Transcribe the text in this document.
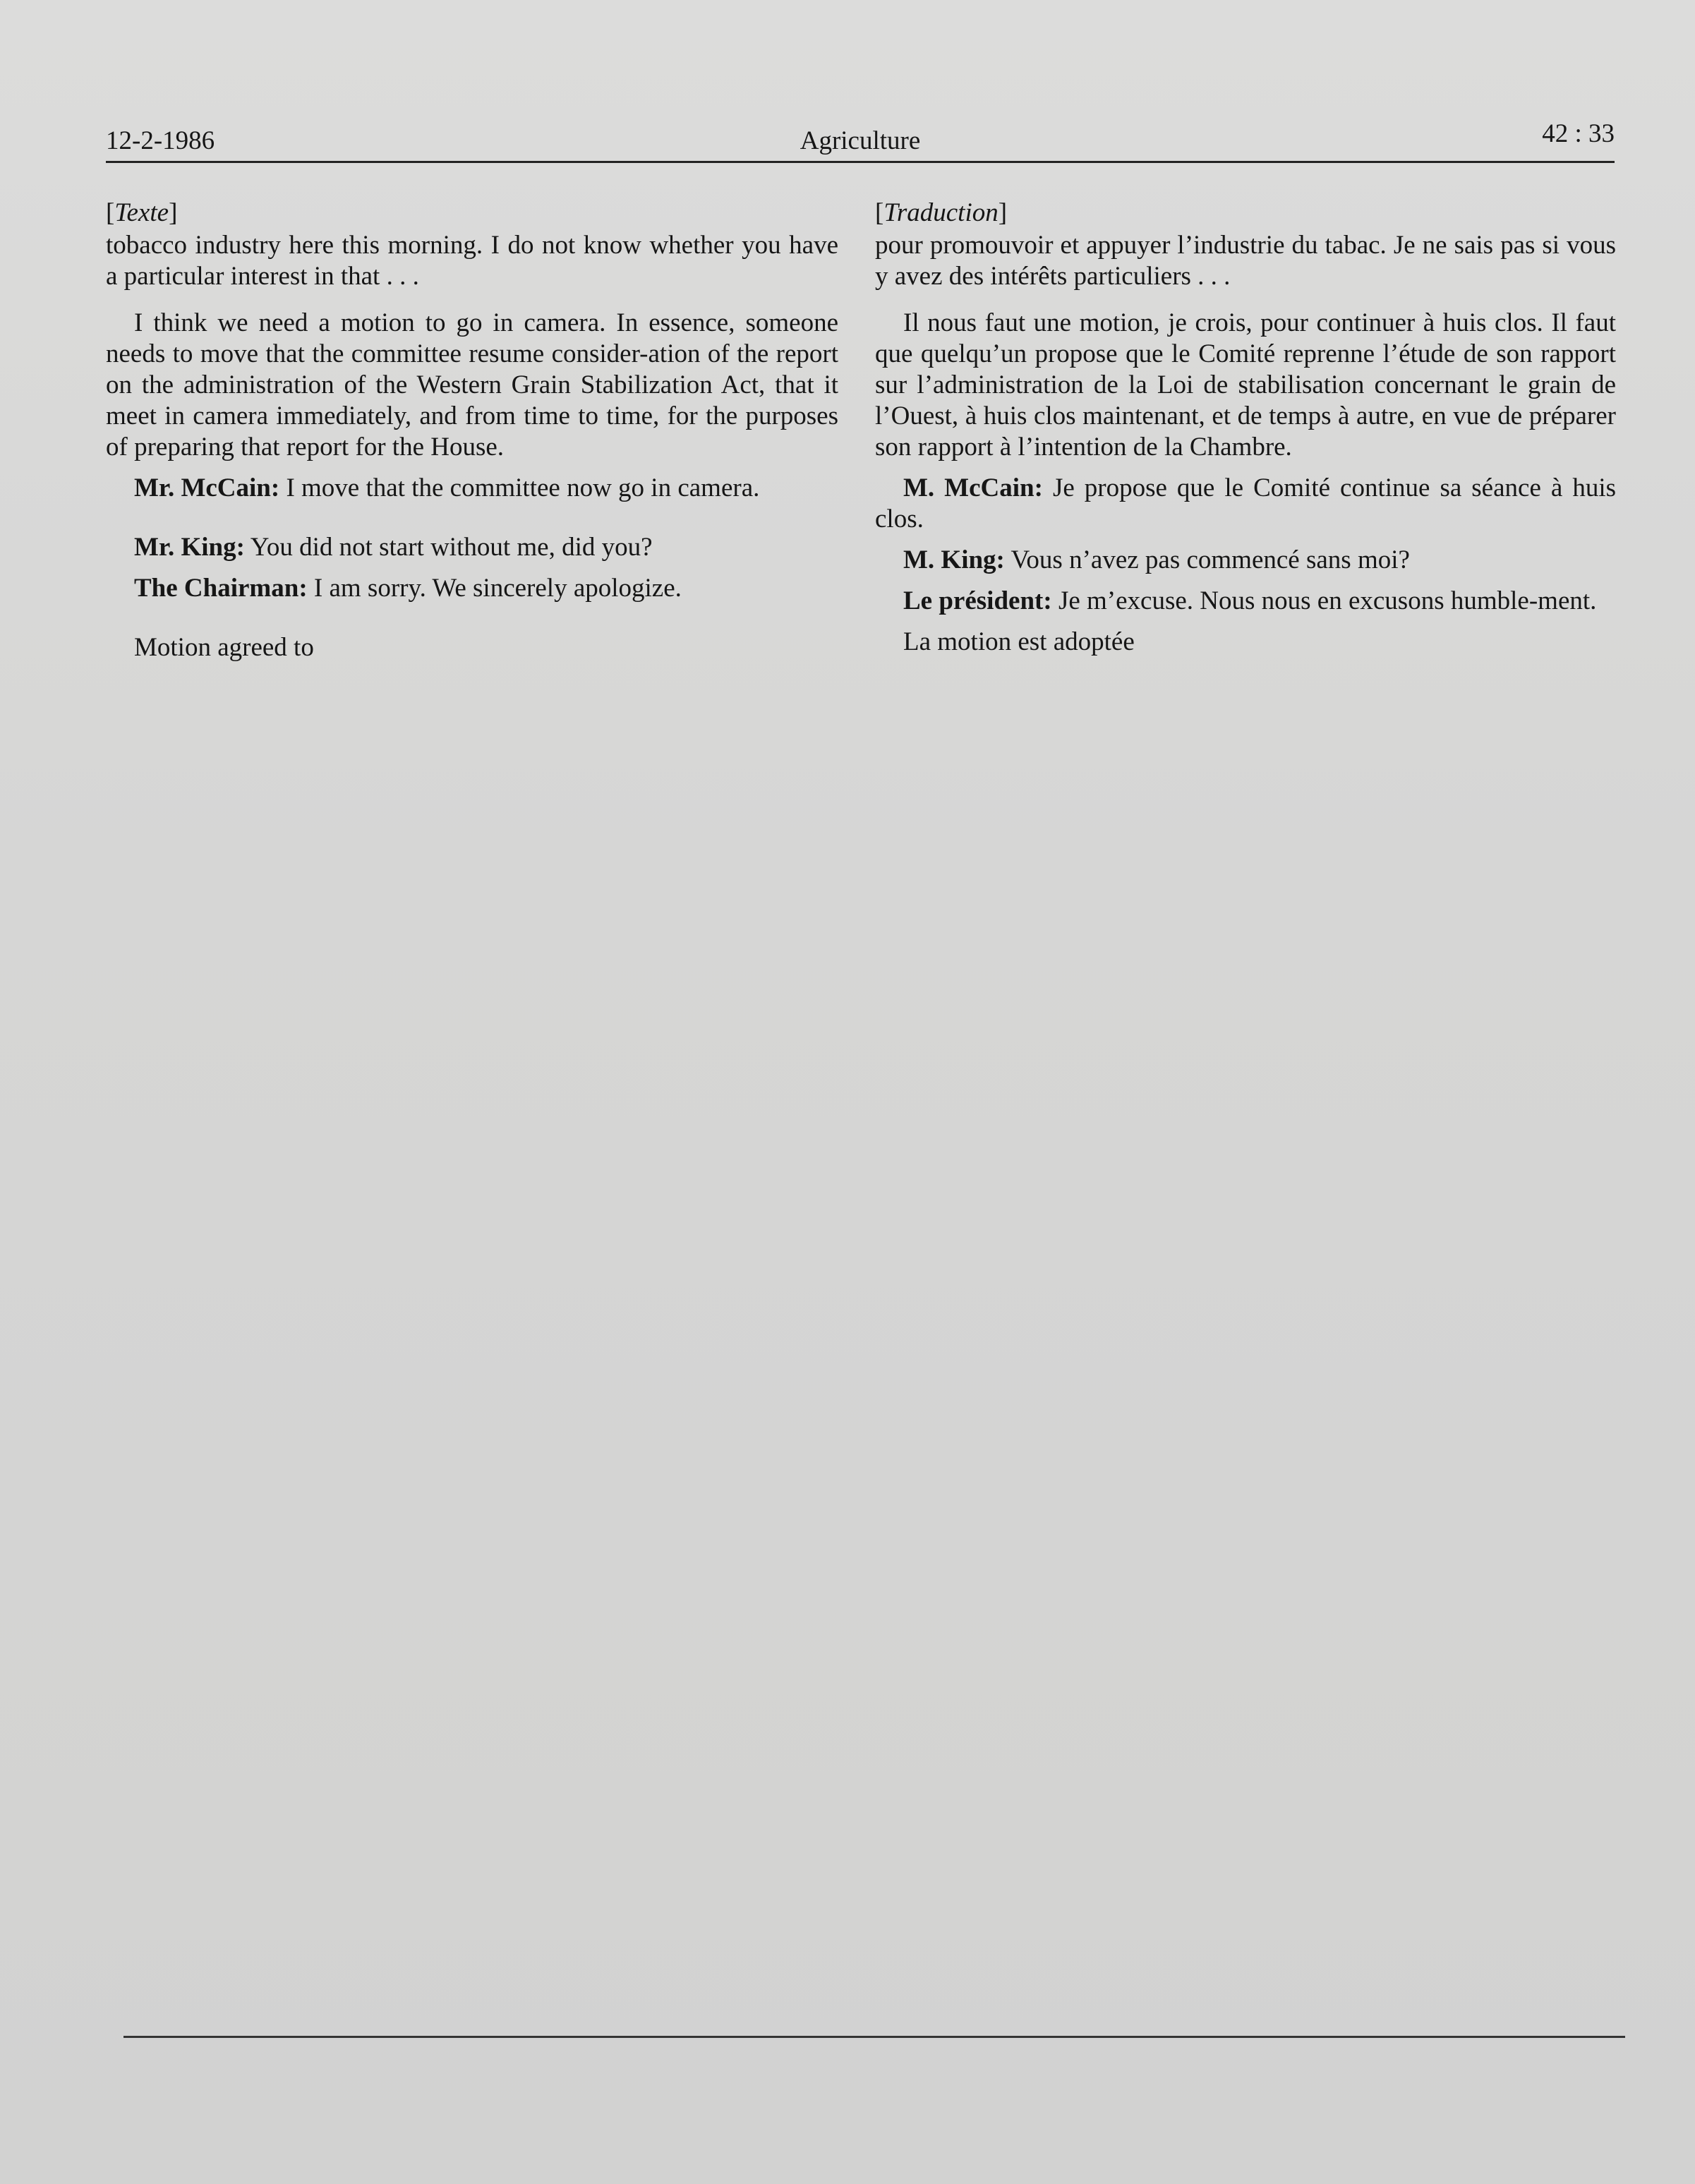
12-2-1986	Agriculture	42 : 33
[Texte]

tobacco industry here this morning. I do not know whether you have a particular interest in that . . .

I think we need a motion to go in camera. In essence, someone needs to move that the committee resume consider-ation of the report on the administration of the Western Grain Stabilization Act, that it meet in camera immediately, and from time to time, for the purposes of preparing that report for the House.

Mr. McCain: I move that the committee now go in camera.

Mr. King: You did not start without me, did you?

The Chairman: I am sorry. We sincerely apologize.

Motion agreed to

[Traduction]

pour promouvoir et appuyer l’industrie du tabac. Je ne sais pas si vous y avez des intérêts particuliers . . .

Il nous faut une motion, je crois, pour continuer à huis clos. Il faut que quelqu’un propose que le Comité reprenne l’étude de son rapport sur l’administration de la Loi de stabilisation concernant le grain de l’Ouest, à huis clos maintenant, et de temps à autre, en vue de préparer son rapport à l’intention de la Chambre.

M. McCain: Je propose que le Comité continue sa séance à huis clos.

M. King: Vous n’avez pas commencé sans moi?

Le président: Je m’excuse. Nous nous en excusons humble-ment.

La motion est adoptée
